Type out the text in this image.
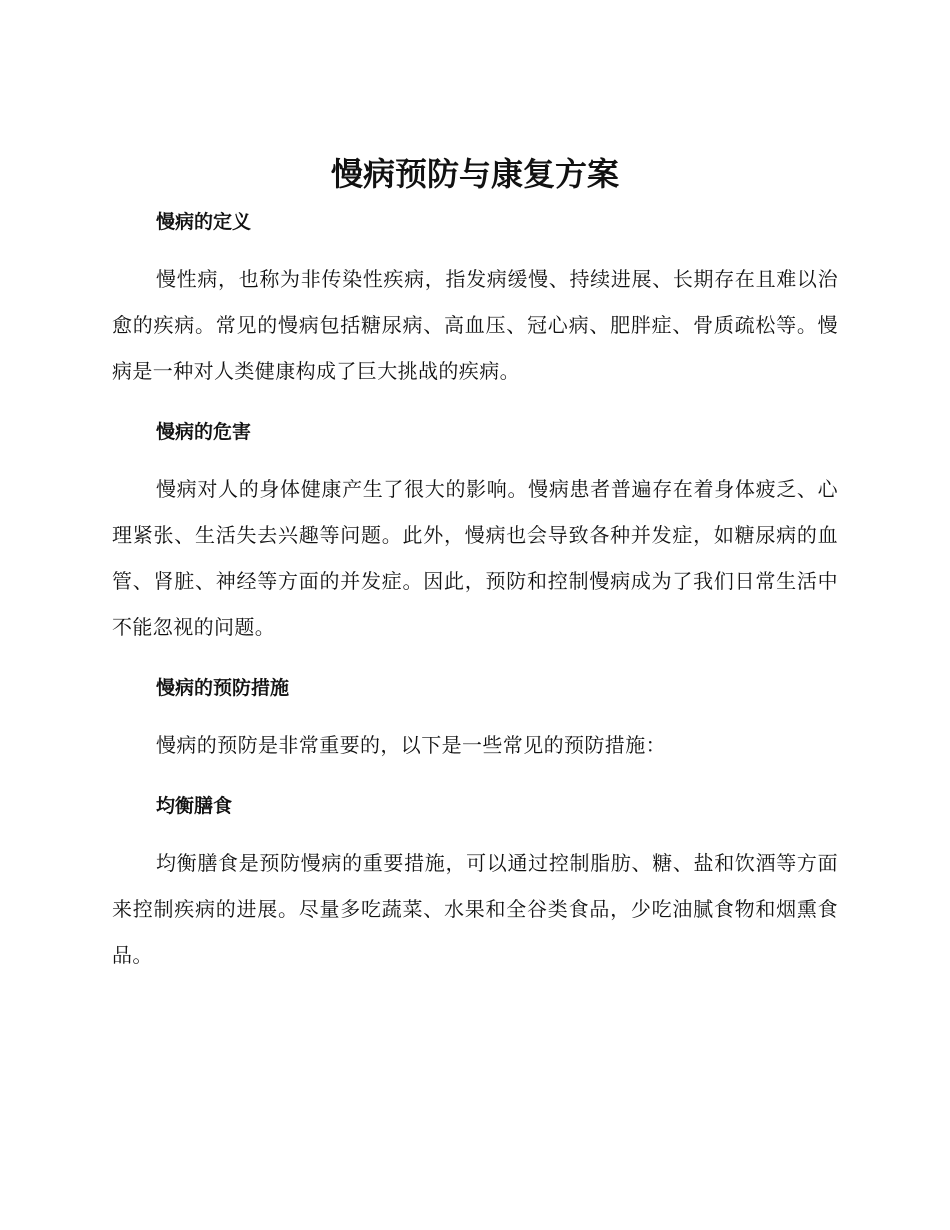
慢病预防与康复方案
慢病的定义

慢性病，也称为非传染性疾病，指发病缓慢、持续进展、长期存在且难以治愈的疾病。常见的慢病包括糖尿病、高血压、冠心病、肥胖症、骨质疏松等。慢病是一种对人类健康构成了巨大挑战的疾病。

慢病的危害

慢病对人的身体健康产生了很大的影响。慢病患者普遍存在着身体疲乏、心理紧张、生活失去兴趣等问题。此外，慢病也会导致各种并发症，如糖尿病的血管、肾脏、神经等方面的并发症。因此，预防和控制慢病成为了我们日常生活中不能忽视的问题。

慢病的预防措施

慢病的预防是非常重要的，以下是一些常见的预防措施：

均衡膳食

均衡膳食是预防慢病的重要措施，可以通过控制脂肪、糖、盐和饮酒等方面来控制疾病的进展。尽量多吃蔬菜、水果和全谷类食品，少吃油腻食物和烟熏食品。
